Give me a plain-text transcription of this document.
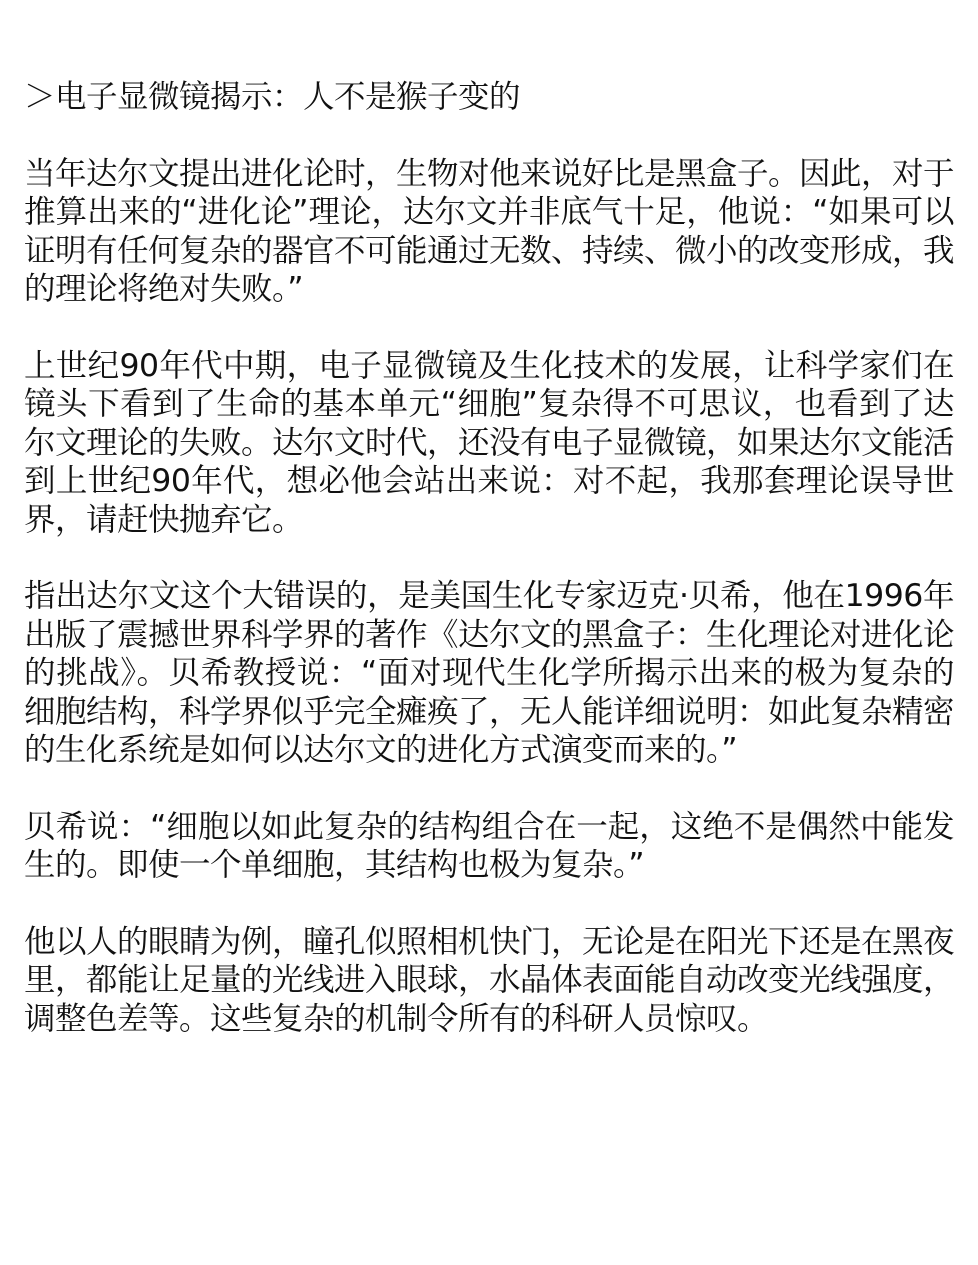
＞电子显微镜揭示：人不是猴子变的

当年达尔文提出进化论时，生物对他来说好比是黑盒子。因此，对于推算出来的“进化论”理论，达尔文并非底气十足，他说：“如果可以证明有任何复杂的器官不可能通过无数、持续、微小的改变形成，我的理论将绝对失败。”

上世纪90年代中期，电子显微镜及生化技术的发展，让科学家们在镜头下看到了生命的基本单元“细胞”复杂得不可思议，也看到了达尔文理论的失败。达尔文时代，还没有电子显微镜，如果达尔文能活到上世纪90年代，想必他会站出来说：对不起，我那套理论误导世界，请赶快抛弃它。

指出达尔文这个大错误的，是美国生化专家迈克·贝希，他在1996年出版了震撼世界科学界的著作《达尔文的黑盒子：生化理论对进化论的挑战》。贝希教授说：“面对现代生化学所揭示出来的极为复杂的细胞结构，科学界似乎完全瘫痪了，无人能详细说明：如此复杂精密的生化系统是如何以达尔文的进化方式演变而来的。”

贝希说：“细胞以如此复杂的结构组合在一起，这绝不是偶然中能发生的。即使一个单细胞，其结构也极为复杂。”

他以人的眼睛为例，瞳孔似照相机快门，无论是在阳光下还是在黑夜里，都能让足量的光线进入眼球，水晶体表面能自动改变光线强度，调整色差等。这些复杂的机制令所有的科研人员惊叹。
